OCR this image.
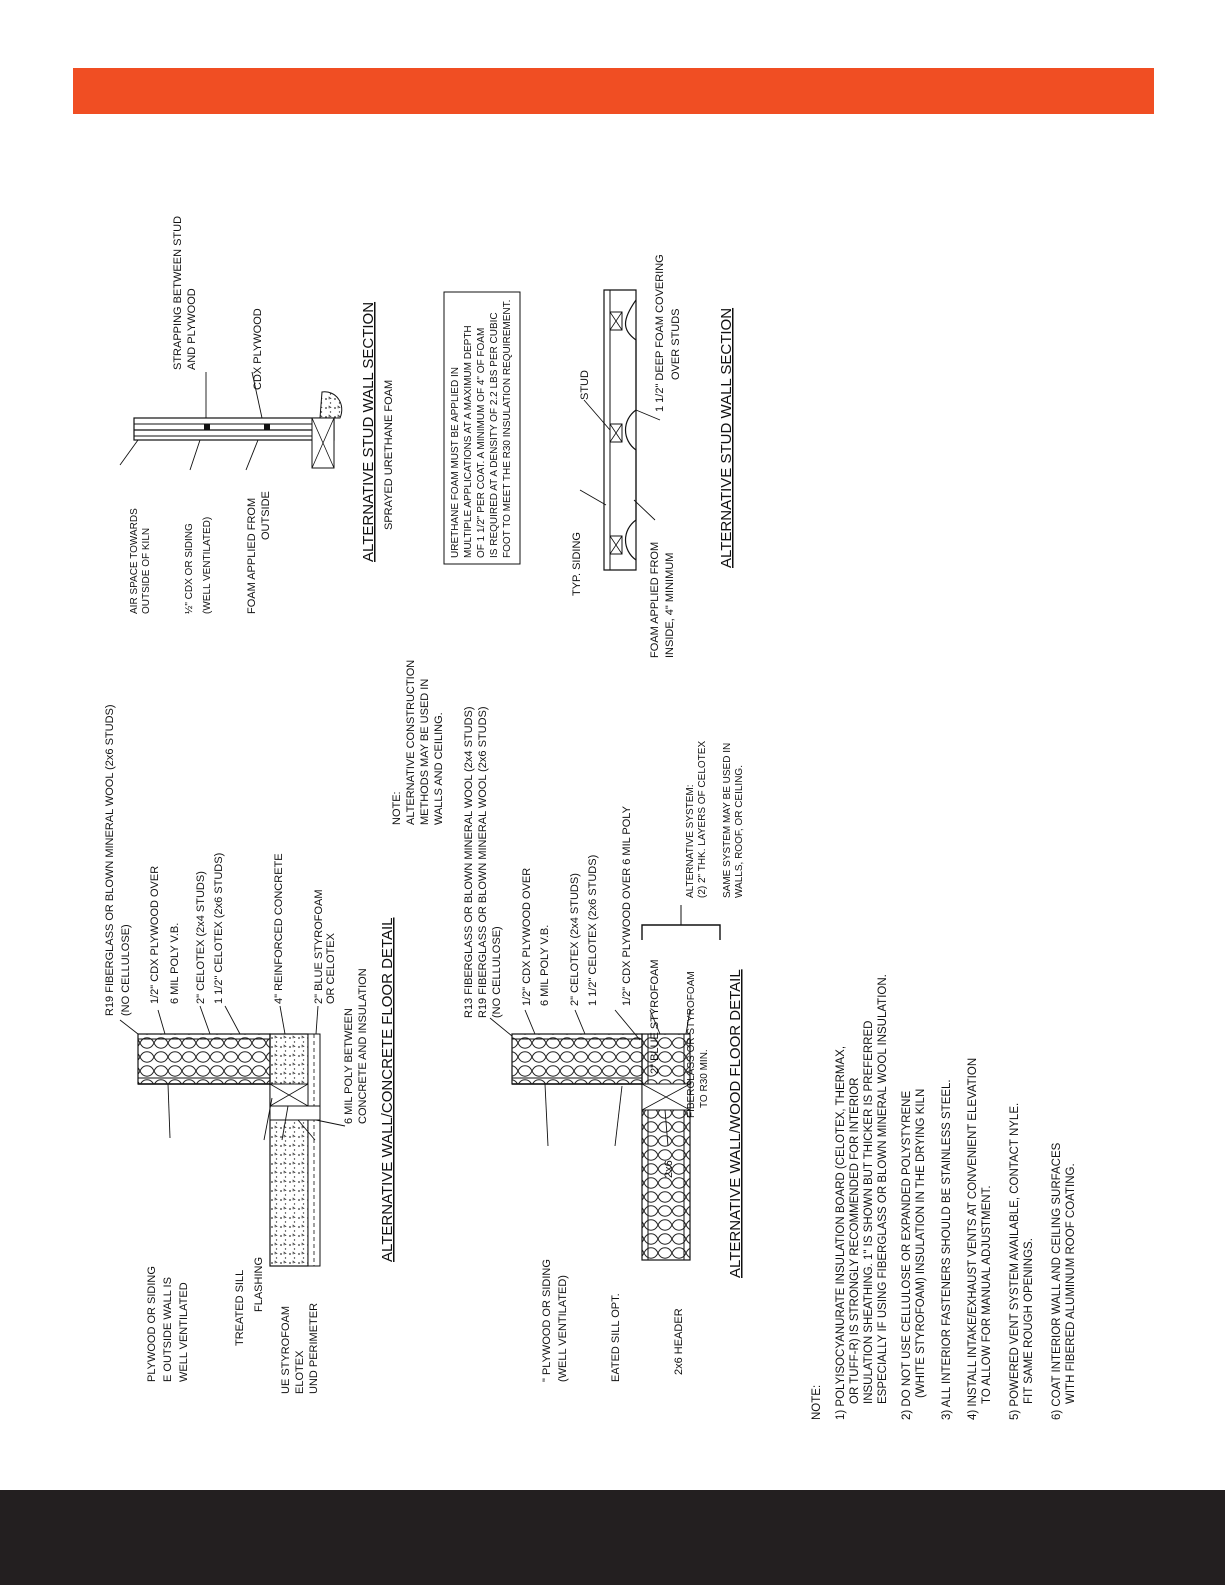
R19 FIBERGLASS OR BLOWN MINERAL WOOL (2x6 STUDS) (NO CELLULOSE) 1/2" CDX PLYWOOD OVER 6 MIL POLY V.B. 2" CELOTEX (2x4 STUDS) 1 1/2" CELOTEX (2x6 STUDS)	4" REINFORCED CONCRETE	2" BLUE STYROFOAM OR CELOTEX
6 MIL POLY BETWEEN CONCRETE AND INSULATION ALTERNATIVE WALL/CONCRETE FLOOR DETAIL
PLYWOOD OR SIDING E OUTSIDE WALL IS WELL VENTILATED	TREATED SILL FLASHING
UE STYROFOAM ELOTEX UND PERIMETER
R13 FIBERGLASS OR BLOWN MINERAL WOOL (2x4 STUDS) R19 FIBERGLASS OR BLOWN MINERAL WOOL (2x6 STUDS) (NO CELLULOSE) 1/2" CDX PLYWOOD OVER 6 MIL POLY V.B. 2" CELOTEX (2x4 STUDS) 1 1/2" CELOTEX (2x6 STUDS) 1/2" CDX PLYWOOD OVER 6 MIL POLY
2" BLUE STYROFOAM	FIBERGLASS OR STYROFOAM TO R30 MIN.
2x6	ALTERNATIVE WALL/WOOD FLOOR DETAIL
" PLYWOOD OR SIDING (WELL VENTILATED)	EATED SILL OPT.	2x6 HEADER
ALTERNATIVE SYSTEM: (2) 2" THK. LAYERS OF CELOTEX SAME SYSTEM MAY BE USED IN WALLS, ROOF, OR CEILING.
NOTE: ALTERNATIVE CONSTRUCTION METHODS MAY BE USED IN WALLS AND CEILING.
NOTE: 1) POLYISOCYANURATE INSULATION BOARD (CELOTEX, THERMAX, OR TUFF-R) IS STRONGLY RECOMMENDED FOR INTERIOR INSULATION SHEATHING. 1" IS SHOWN BUT THICKER IS PREFERRED ESPECIALLY IF USING FIBERGLASS OR BLOWN MINERAL WOOL INSULATION. 2) DO NOT USE CELLULOSE OR EXPANDED POLYSTYRENE (WHITE STYROFOAM) INSULATION IN THE DRYING KILN 3) ALL INTERIOR FASTENERS SHOULD BE STAINLESS STEEL. 4) INSTALL INTAKE/EXHAUST VENTS AT CONVENIENT ELEVATION TO ALLOW FOR MANUAL ADJUSTMENT. 5) POWERED VENT SYSTEM AVAILABLE, CONTACT NYLE. FIT SAME ROUGH OPENINGS. 6) COAT INTERIOR WALL AND CEILING SURFACES WITH FIBERED ALUMINUM ROOF COATING.
AIR SPACE TOWARDS OUTSIDE OF KILN	½" CDX OR SIDING (WELL VENTILATED)	FOAM APPLIED FROM OUTSIDE
STRAPPING BETWEEN STUD AND PLYWOOD	CDX PLYWOOD	ALTERNATIVE STUD WALL SECTION SPRAYED URETHANE FOAM	URETHANE FOAM MUST BE APPLIED IN MULTIPLE APPLICATIONS AT A MAXIMUM DEPTH OF 1 1/2" PER COAT. A MINIMUM OF 4" OF FOAM IS REQUIRED AT A DENSITY OF 2.2 LBS PER CUBIC FOOT TO MEET THE R30 INSULATION REQUIREMENT.
TYP. SIDING
STUD	1 1/2" DEEP FOAM COVERING OVER STUDS
FOAM APPLIED FROM INSIDE, 4" MINIMUM
ALTERNATIVE STUD WALL SECTION
